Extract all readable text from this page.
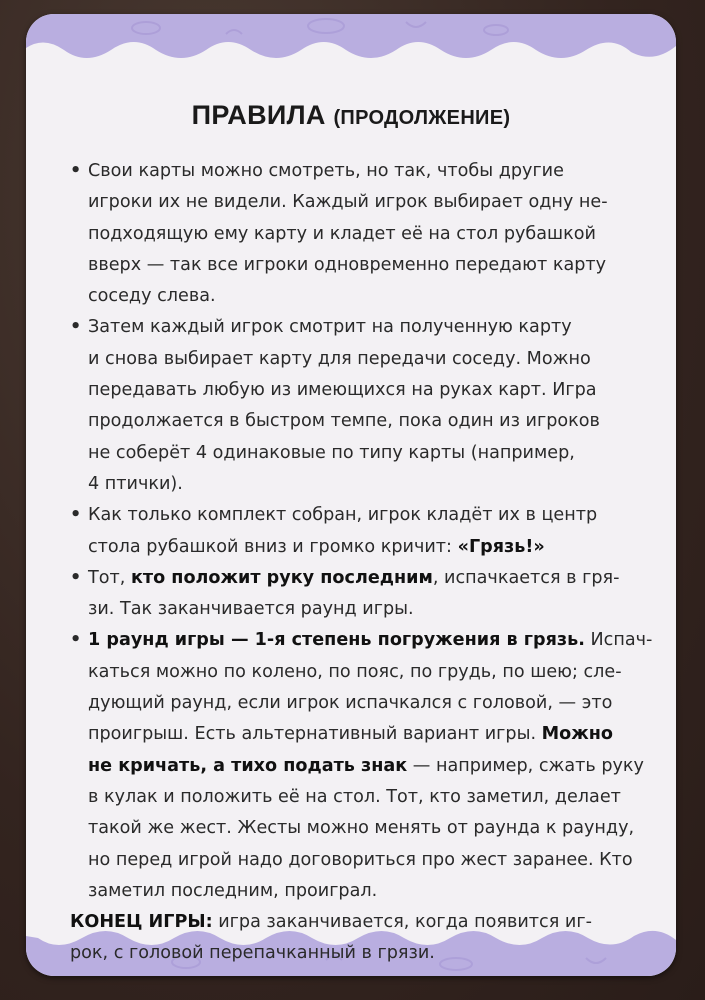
ПРАВИЛА (ПРОДОЛЖЕНИЕ)
• Свои карты можно смотреть, но так, чтобы другие
игроки их не видели. Каждый игрок выбирает одну не-
подходящую ему карту и кладет её на стол рубашкой
вверх — так все игроки одновременно передают карту
соседу слева.
• Затем каждый игрок смотрит на полученную карту
и снова выбирает карту для передачи соседу. Можно
передавать любую из имеющихся на руках карт. Игра
продолжается в быстром темпе, пока один из игроков
не соберёт 4 одинаковые по типу карты (например,
4 птички).
• Как только комплект собран, игрок кладёт их в центр
стола рубашкой вниз и громко кричит: «Грязь!»
• Тот, кто положит руку последним, испачкается в гря-
зи. Так заканчивается раунд игры.
• 1 раунд игры — 1-я степень погружения в грязь. Испач-
каться можно по колено, по пояс, по грудь, по шею; сле-
дующий раунд, если игрок испачкался с головой, — это
проигрыш. Есть альтернативный вариант игры. Можно
не кричать, а тихо подать знак — например, сжать руку
в кулак и положить её на стол. Тот, кто заметил, делает
такой же жест. Жесты можно менять от раунда к раунду,
но перед игрой надо договориться про жест заранее. Кто
заметил последним, проиграл.
КОНЕЦ ИГРЫ: игра заканчивается, когда появится иг-
рок, с головой перепачканный в грязи.
